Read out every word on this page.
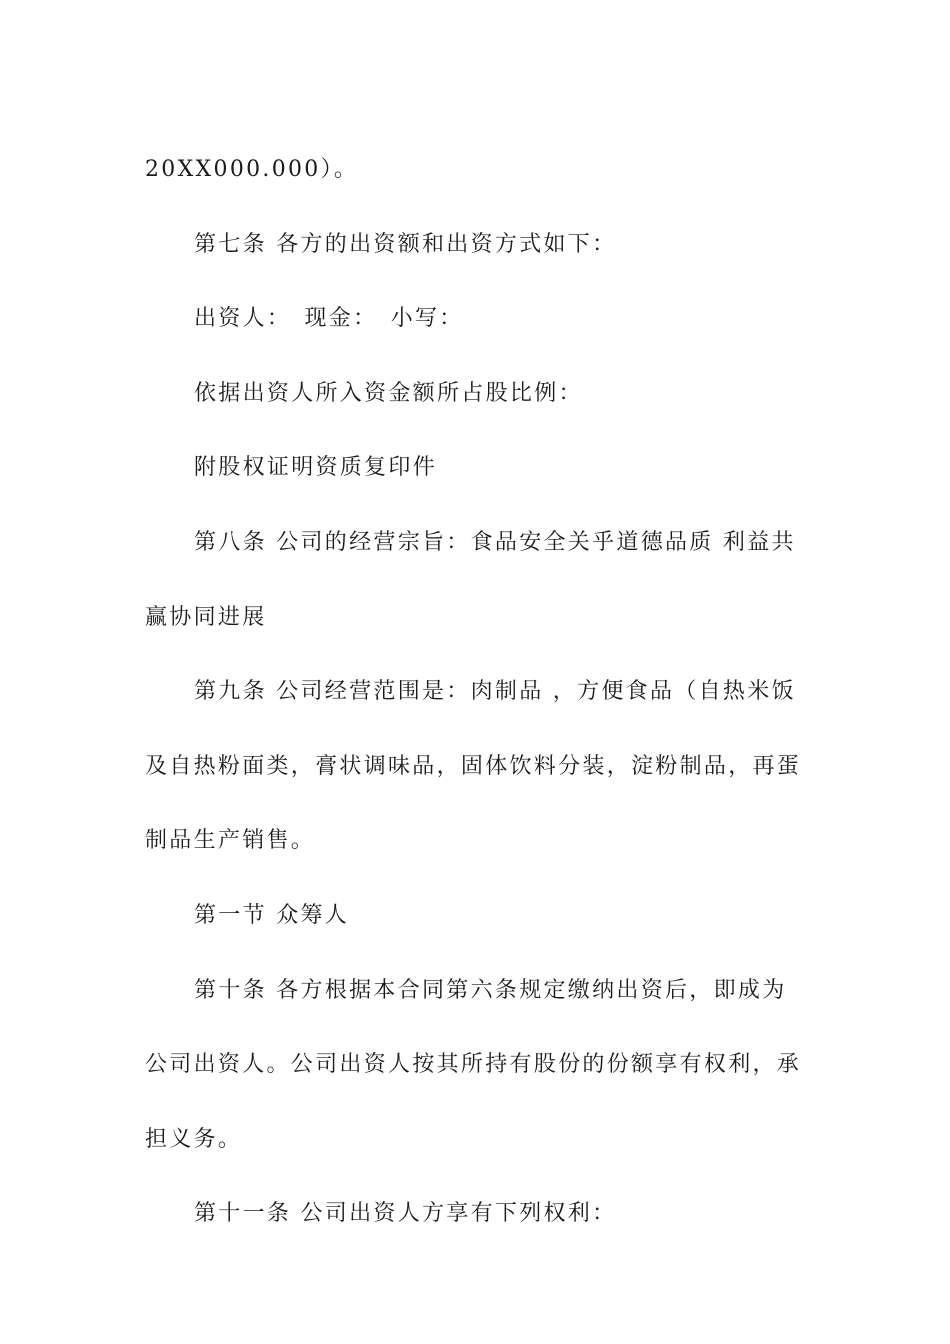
20XX000.000）。

第七条 各方的出资额和出资方式如下：

出资人：　现金：　小写：

依据出资人所入资金额所占股比例：

附股权证明资质复印件

第八条 公司的经营宗旨：食品安全关乎道德品质 利益共赢协同进展

第九条 公司经营范围是：肉制品 ，方便食品（自热米饭及自热粉面类，膏状调味品，固体饮料分装，淀粉制品，再蛋制品生产销售。

第一节 众筹人

第十条 各方根据本合同第六条规定缴纳出资后，即成为公司出资人。公司出资人按其所持有股份的份额享有权利，承担义务。

第十一条 公司出资人方享有下列权利：
